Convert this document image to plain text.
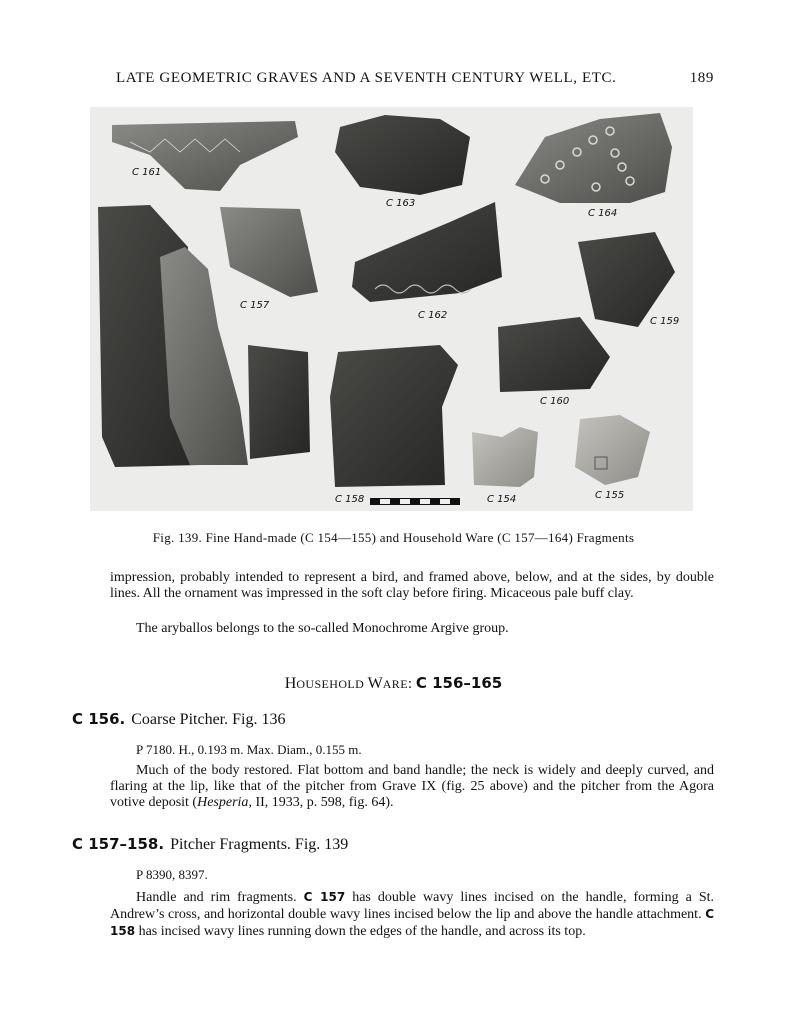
LATE GEOMETRIC GRAVES AND A SEVENTH CENTURY WELL, ETC.	189
C 161
C 163
C 164
C 157
C 162
C 159
C 160
C 158	C 154	C 155
Fig. 139. Fine Hand-made (C 154—155) and Household Ware (C 157—164) Fragments

impression, probably intended to represent a bird, and framed above, below, and at the sides, by double lines. All the ornament was impressed in the soft clay before firing. Micaceous pale buff clay.

The aryballos belongs to the so-called Monochrome Argive group.

HOUSEHOLD WARE: C 156–165
C 156. Coarse Pitcher. Fig. 136
P 7180. H., 0.193 m. Max. Diam., 0.155 m.

Much of the body restored. Flat bottom and band handle; the neck is widely and deeply curved, and flaring at the lip, like that of the pitcher from Grave IX (fig. 25 above) and the pitcher from the Agora votive deposit (Hesperia, II, 1933, p. 598, fig. 64).

C 157–158. Pitcher Fragments. Fig. 139
P 8390, 8397.

Handle and rim fragments. C 157 has double wavy lines incised on the handle, forming a St. Andrew’s cross, and horizontal double wavy lines incised below the lip and above the handle attachment. C 158 has incised wavy lines running down the edges of the handle, and across its top.
